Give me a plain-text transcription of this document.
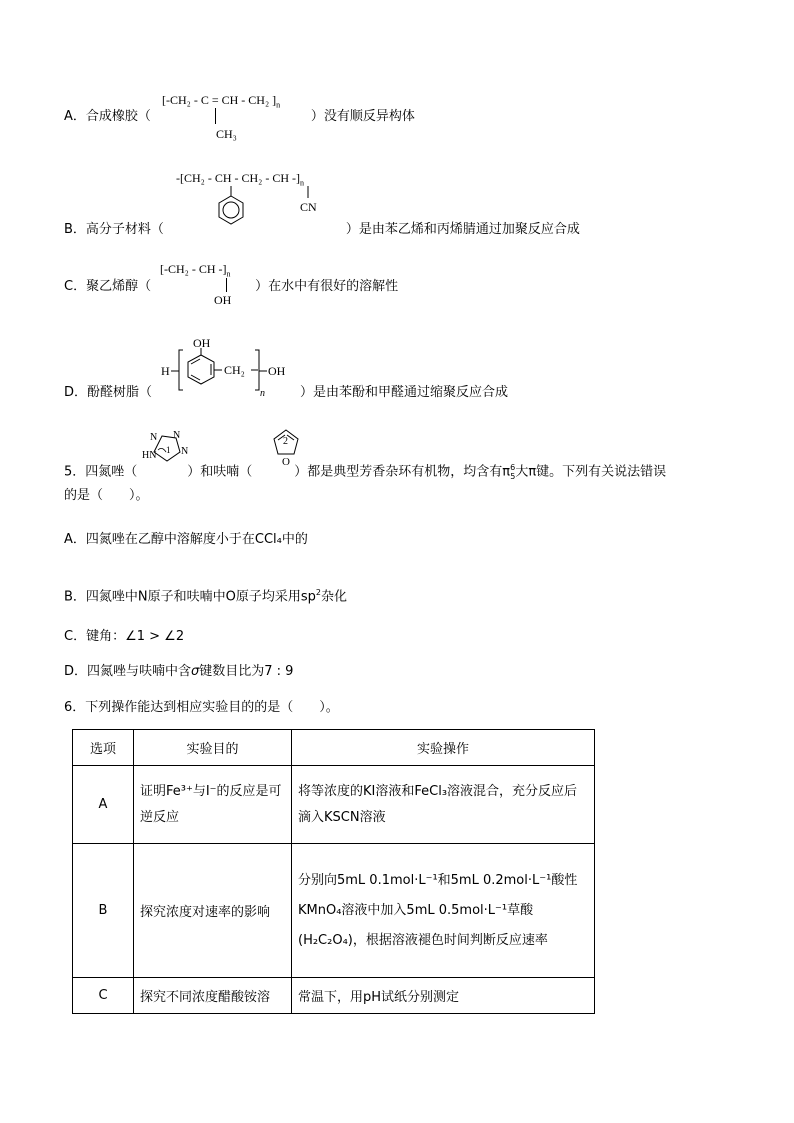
A．合成橡胶（	）没有顺反异构体
[-CH₂ - C = CH - CH₂ ]$_n$
CH₃
-[CH₂ - CH - CH₂ - CH $-]_n$
CN
B．高分子材料（	）是由苯乙烯和丙烯腈通过加聚反应合成
[-CH₂ - CH $-]_n$
OH
C．聚乙烯醇（	）在水中有很好的溶解性
H
OH
CH₂ OH
n
D．酚醛树脂（	）是由苯酚和甲醛通过缩聚反应合成
N N
N
HN 1
2
O
5．四氮唑（	）和呋喃（	）都是典型芳香杂环有机物，均含有$\pi^6_5$大π键。下列有关说法错误
的是（　　）。
A．四氮唑在乙醇中溶解度小于在CCl₄中的
B．四氮唑中N原子和呋喃中O原子均采用$sp^2$杂化
C．键角：∠1 > ∠2
D．四氮唑与呋喃中含σ键数目比为7 : 9
6．下列操作能达到相应实验目的的是（　　）。
选项	实验目的	实验操作
A	证明Fe³⁺与I⁻的反应是可逆反应	将等浓度的KI溶液和FeCl₃溶液混合，充分反应后滴入KSCN溶液
B	探究浓度对速率的影响	分别向5mL 0.1mol·L⁻¹和5mL 0.2mol·L⁻¹酸性KMnO₄溶液中加入5mL 0.5mol·L⁻¹草酸(H₂C₂O₄)，根据溶液褪色时间判断反应速率
C	探究不同浓度醋酸铵溶	常温下，用pH试纸分别测定
